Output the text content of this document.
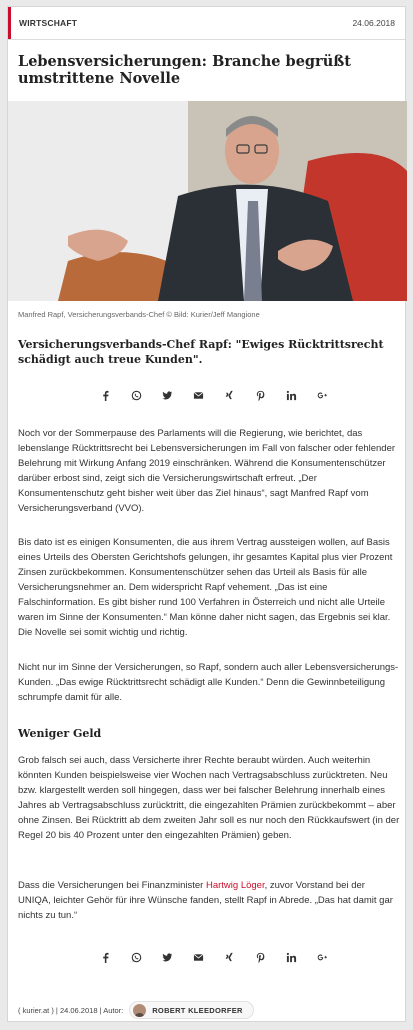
WIRTSCHAFT	24.06.2018
Lebensversicherungen: Branche begrüßt umstrittene Novelle

Manfred Rapf, Versicherungsverbands-Chef © Bild: Kurier/Jeff Mangione

Versicherungsverbands-Chef Rapf: "Ewiges Rücktrittsrecht schädigt auch treue Kunden".

Noch vor der Sommerpause des Parlaments will die Regierung, wie berichtet, das lebenslange Rücktrittsrecht bei Lebensversicherungen im Fall von falscher oder fehlender Belehrung mit Wirkung Anfang 2019 einschränken. Während die Konsumentenschützer darüber erbost sind, zeigt sich die Versicherungswirtschaft erfreut. „Der Konsumentenschutz geht bisher weit über das Ziel hinaus“, sagt Manfred Rapf vom Versicherungsverband (VVO).

Bis dato ist es einigen Konsumenten, die aus ihrem Vertrag aussteigen wollen, auf Basis eines Urteils des Obersten Gerichtshofs gelungen, ihr gesamtes Kapital plus vier Prozent Zinsen zurückbekommen. Konsumentenschützer sehen das Urteil als Basis für alle Versicherungsnehmer an. Dem widerspricht Rapf vehement. „Das ist eine Falschinformation. Es gibt bisher rund 100 Verfahren in Österreich und nicht alle Urteile waren im Sinne der Konsumenten.“ Man könne daher nicht sagen, das Ergebnis sei klar. Die Novelle sei somit wichtig und richtig.

Nicht nur im Sinne der Versicherungen, so Rapf, sondern auch aller Lebensversicherungs-Kunden. „Das ewige Rücktrittsrecht schädigt alle Kunden.“ Denn die Gewinnbeteiligung schrumpfe damit für alle.

Weniger Geld

Grob falsch sei auch, dass Versicherte ihrer Rechte beraubt würden. Auch weiterhin könnten Kunden beispielsweise vier Wochen nach Vertragsabschluss zurücktreten. Neu bzw. klargestellt werden soll hingegen, dass wer bei falscher Belehrung innerhalb eines Jahres ab Vertragsabschluss zurücktritt, die eingezahlten Prämien zurückbekommt – aber ohne Zinsen. Bei Rücktritt ab dem zweiten Jahr soll es nur noch den Rückkaufswert (in der Regel 20 bis 40 Prozent unter den eingezahlten Prämien) geben.

Dass die Versicherungen bei Finanzminister Hartwig Löger, zuvor Vorstand bei der UNIQA, leichter Gehör für ihre Wünsche fanden, stellt Rapf in Abrede. „Das hat damit gar nichts zu tun.“

( kurier.at ) | 24.06.2018 | Autor:	ROBERT KLEEDORFER
